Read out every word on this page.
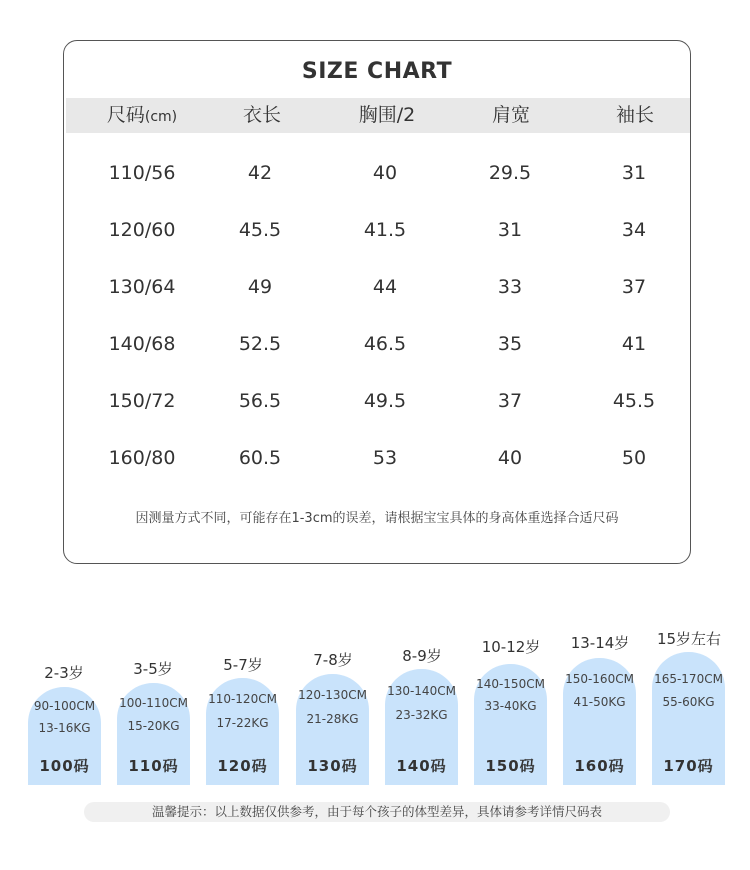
SIZE CHART
尺码(cm)	衣长	胸围/2	肩宽	袖长
110/56	42	40	29.5	31
120/60	45.5	41.5	31	34
130/64	49	44	33	37
140/68	52.5	46.5	35	41
150/72	56.5	49.5	37	45.5
160/80	60.5	53	40	50
因测量方式不同，可能存在1-3cm的误差，请根据宝宝具体的身高体重选择合适尺码
2-3岁
90-100CM
13-16KG
100码
3-5岁
100-110CM
15-20KG
110码
5-7岁
110-120CM
17-22KG
120码
7-8岁
120-130CM
21-28KG
130码
8-9岁
130-140CM
23-32KG
140码
10-12岁
140-150CM
33-40KG
150码
13-14岁
150-160CM
41-50KG
160码
15岁左右
165-170CM
55-60KG
170码
温馨提示：以上数据仅供参考，由于每个孩子的体型差异，具体请参考详情尺码表
